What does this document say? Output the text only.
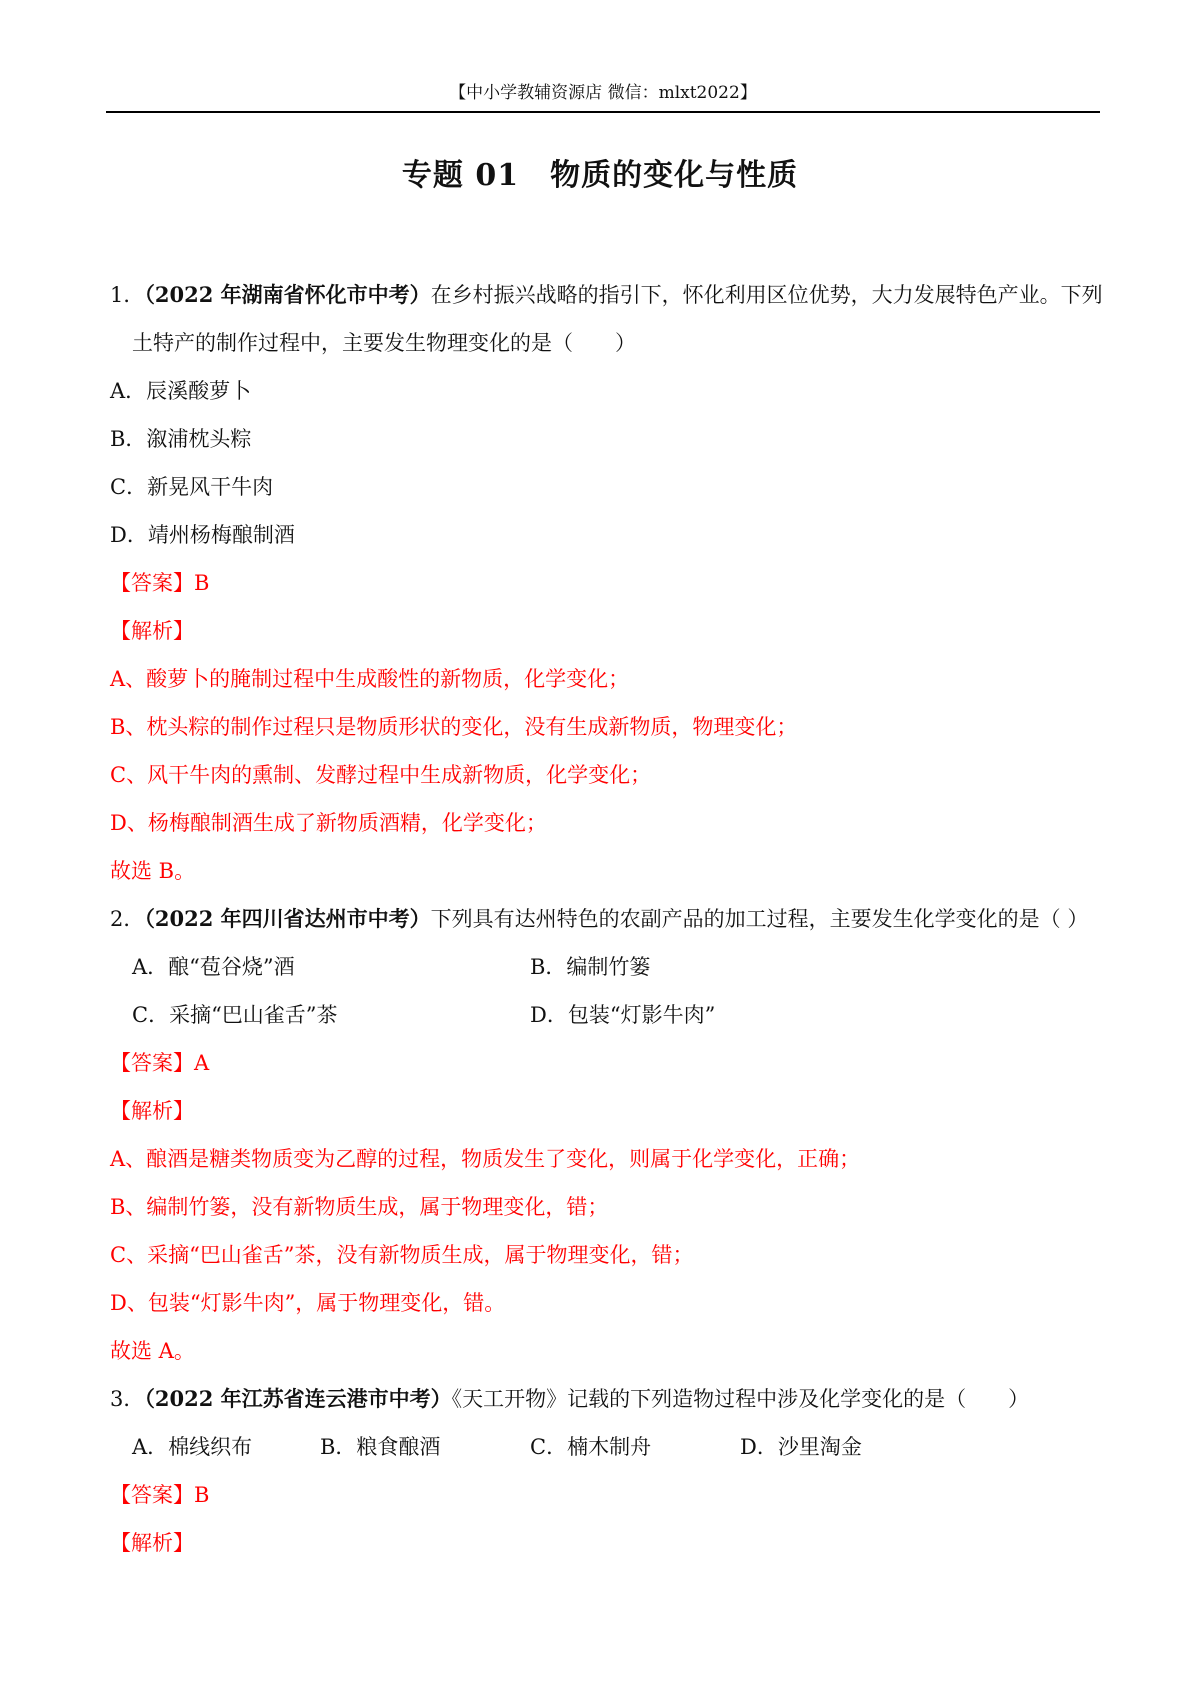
【中小学教辅资源店 微信：mlxt2022】
专题 01　物质的变化与性质
1．（2022 年湖南省怀化市中考）在乡村振兴战略的指引下，怀化利用区位优势，大力发展特色产业。下列
土特产的制作过程中，主要发生物理变化的是（　　）
A．辰溪酸萝卜
B．溆浦枕头粽
C．新晃风干牛肉
D．靖州杨梅酿制酒
【答案】B
【解析】
A、酸萝卜的腌制过程中生成酸性的新物质，化学变化；
B、枕头粽的制作过程只是物质形状的变化，没有生成新物质，物理变化；
C、风干牛肉的熏制、发酵过程中生成新物质，化学变化；
D、杨梅酿制酒生成了新物质酒精，化学变化；
故选 B。
2．（2022 年四川省达州市中考）下列具有达州特色的农副产品的加工过程，主要发生化学变化的是（ ）
A．酿“苞谷烧”酒	B．编制竹篓
C．采摘“巴山雀舌”茶	D．包装“灯影牛肉”
【答案】A
【解析】
A、酿酒是糖类物质变为乙醇的过程，物质发生了变化，则属于化学变化，正确；
B、编制竹篓，没有新物质生成，属于物理变化，错；
C、采摘“巴山雀舌”茶，没有新物质生成，属于物理变化，错；
D、包装“灯影牛肉”，属于物理变化，错。
故选 A。
3．（2022 年江苏省连云港市中考）《天工开物》记载的下列造物过程中涉及化学变化的是（　　）
A．棉线织布	B．粮食酿酒	C．楠木制舟	D．沙里淘金
【答案】B
【解析】
